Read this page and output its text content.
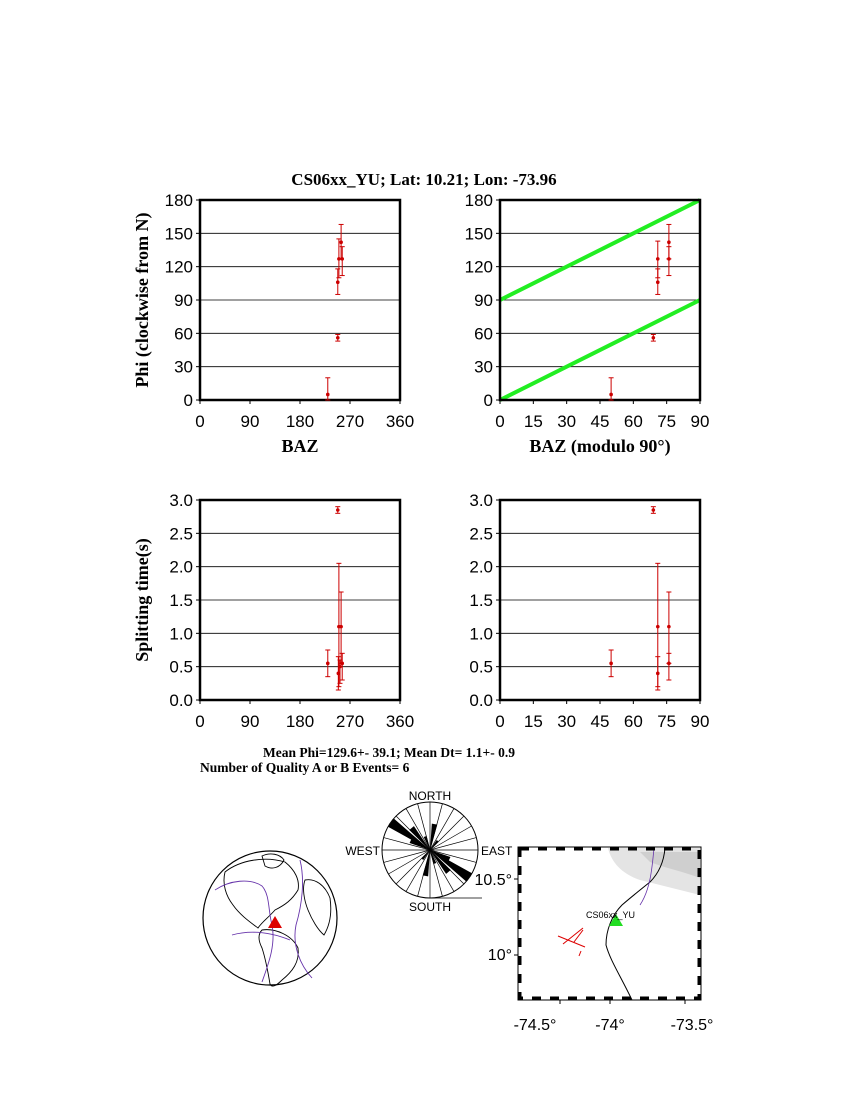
CS06xx_YU; Lat: 10.21; Lon: -73.96
0
30
60
90
120
150
180
0 90 180 270 360
BAZ
Phi (clockwise from N)
0
30
60
90
120
150
180
0 15 30 45 60 75 90
BAZ (modulo 90°)
0.0
0.5
1.0
1.5
2.0
2.5
3.0
0 90 180 270 360
Splitting time(s)
0.0
0.5
1.0
1.5
2.0
2.5
3.0
0 15 30 45 60 75 90
Mean Phi=129.6+- 39.1; Mean Dt= 1.1+- 0.9
Number of Quality A or B Events= 6
NORTH
SOUTH
WEST	EAST
CS06xx_YU
10.5°
10°
-74.5° -74°	-73.5°
